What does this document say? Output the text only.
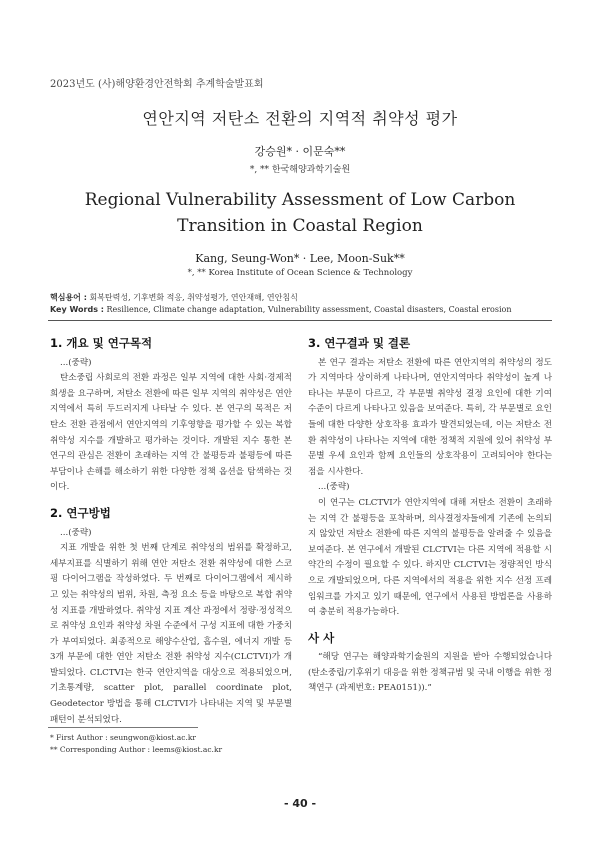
2023년도 (사)해양환경안전학회 추계학술발표회
연안지역 저탄소 전환의 지역적 취약성 평가
강승원* · 이문숙**
*, ** 한국해양과학기술원
Regional Vulnerability Assessment of Low Carbon Transition in Coastal Region
Kang, Seung-Won* · Lee, Moon-Suk**
*, ** Korea Institute of Ocean Science & Technology
핵심용어 : 회복탄력성, 기후변화 적응, 취약성평가, 연안재해, 연안침식
Key Words : Resilience, Climate change adaptation, Vulnerability assessment, Coastal disasters, Coastal erosion
1. 개요 및 연구목적

...(중략)

탄소중립 사회로의 전환 과정은 일부 지역에 대한 사회·경제적 희생을 요구하며, 저탄소 전환에 따른 일부 지역의 취약성은 연안지역에서 특히 두드러지게 나타날 수 있다. 본 연구의 목적은 저탄소 전환 관점에서 연안지역의 기후영향을 평가할 수 있는 복합 취약성 지수를 개발하고 평가하는 것이다. 개발된 지수 통한 본 연구의 관심은 전환이 초래하는 지역 간 불평등과 불평등에 따른 부담이나 손해를 해소하기 위한 다양한 정책 옵션을 탐색하는 것이다.

2. 연구방법

...(중략)

지표 개발을 위한 첫 번째 단계로 취약성의 범위를 확정하고, 세부지표를 식별하기 위해 연안 저탄소 전환 취약성에 대한 스코핑 다이어그램을 작성하였다. 두 번째로 다이어그램에서 제시하고 있는 취약성의 범위, 차원, 측정 요소 등을 바탕으로 복합 취약성 지표를 개발하였다. 취약성 지표 계산 과정에서 정량·정성적으로 취약성 요인과 취약성 차원 수준에서 구성 지표에 대한 가중치가 부여되었다. 최종적으로 해양수산업, 흡수원, 에너지 개발 등 3개 부문에 대한 연안 저탄소 전환 취약성 지수(CLCTVI)가 개발되었다. CLCTVI는 한국 연안지역을 대상으로 적용되었으며, 기초통계량, scatter plot, parallel coordinate plot, Geodetector 방법을 통해 CLCTVI가 나타내는 지역 및 부문별 패턴이 분석되었다.

3. 연구결과 및 결론

본 연구 결과는 저탄소 전환에 따른 연안지역의 취약성의 정도가 지역마다 상이하게 나타나며, 연안지역마다 취약성이 높게 나타나는 부문이 다르고, 각 부문별 취약성 결정 요인에 대한 기여 수준이 다르게 나타나고 있음을 보여준다. 특히, 각 부문별로 요인들에 대한 다양한 상호작용 효과가 발견되었는데, 이는 저탄소 전환 취약성이 나타나는 지역에 대한 정책적 지원에 있어 취약성 부문별 우세 요인과 함께 요인들의 상호작용이 고려되어야 한다는 점을 시사한다.

...(중략)

이 연구는 CLCTVI가 연안지역에 대해 저탄소 전환이 초래하는 지역 간 불평등을 포착하며, 의사결정자들에게 기존에 논의되지 않았던 저탄소 전환에 따른 지역의 불평등을 알려줄 수 있음을 보여준다. 본 연구에서 개발된 CLCTVI는 다른 지역에 적용할 시 약간의 수정이 필요할 수 있다. 하지만 CLCTVI는 정량적인 방식으로 개발되었으며, 다른 지역에서의 적용을 위한 지수 선정 프레임워크를 가지고 있기 때문에, 연구에서 사용된 방법론을 사용하여 충분히 적용가능하다.

사 사

“해당 연구는 해양과학기술원의 지원을 받아 수행되었습니다(탄소중립/기후위기 대응을 위한 정책규범 및 국내 이행을 위한 정책연구 (과제번호: PEA0151)).”

* First Author : seungwon@kiost.ac.kr
** Corresponding Author : leems@kiost.ac.kr
- 40 -
